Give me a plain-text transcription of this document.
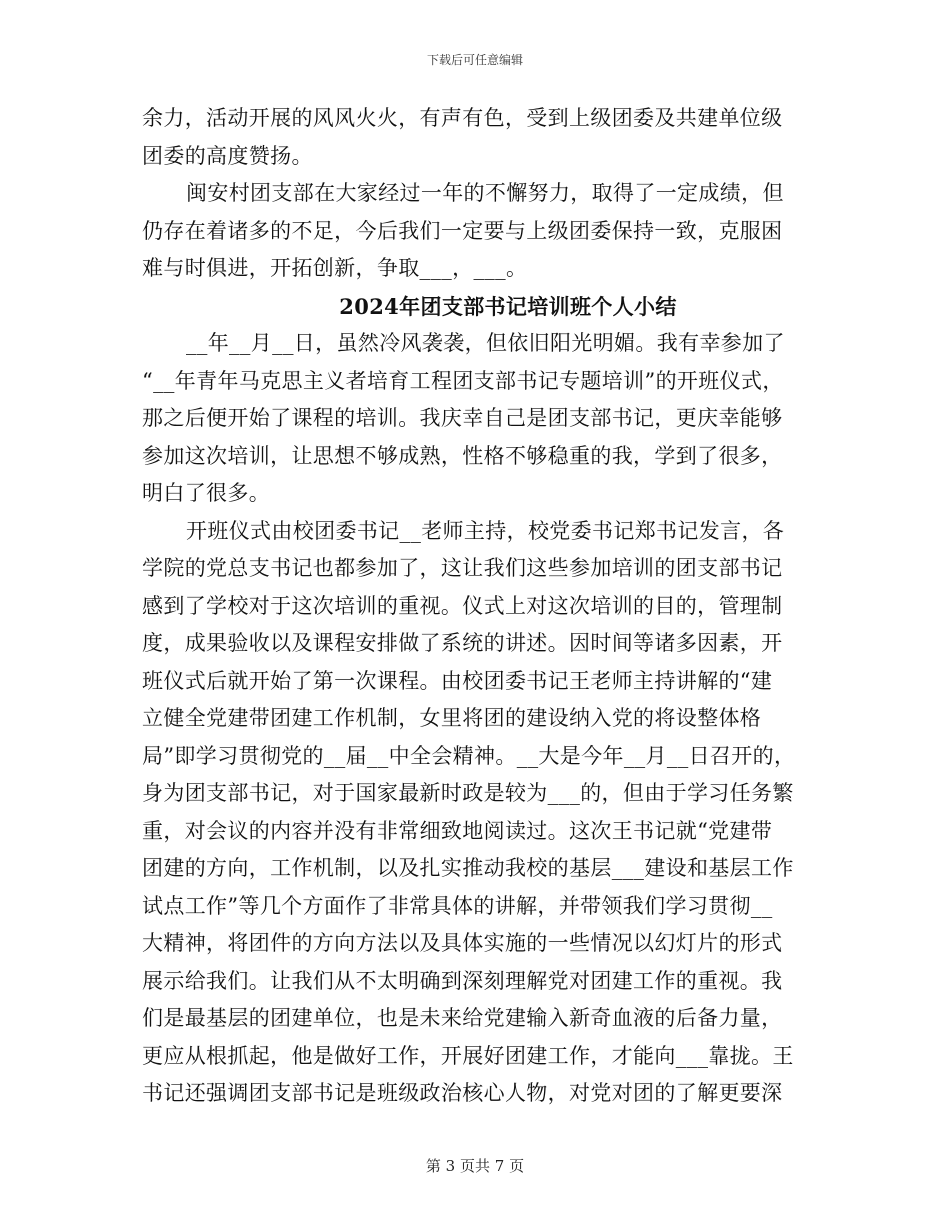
下载后可任意编辑
余力，活动开展的风风火火，有声有色，受到上级团委及共建单位级
团委的高度赞扬。
闽安村团支部在大家经过一年的不懈努力，取得了一定成绩，但
仍存在着诸多的不足，今后我们一定要与上级团委保持一致，克服困
难与时俱进，开拓创新，争取___，___。
2024年团支部书记培训班个人小结
__年__月__日，虽然冷风袭袭，但依旧阳光明媚。我有幸参加了
“__年青年马克思主义者培育工程团支部书记专题培训”的开班仪式，
那之后便开始了课程的培训。我庆幸自己是团支部书记，更庆幸能够
参加这次培训，让思想不够成熟，性格不够稳重的我，学到了很多，
明白了很多。
开班仪式由校团委书记__老师主持，校党委书记郑书记发言，各
学院的党总支书记也都参加了，这让我们这些参加培训的团支部书记
感到了学校对于这次培训的重视。仪式上对这次培训的目的，管理制
度，成果验收以及课程安排做了系统的讲述。因时间等诸多因素，开
班仪式后就开始了第一次课程。由校团委书记王老师主持讲解的“建
立健全党建带团建工作机制，女里将团的建设纳入党的将设整体格
局”即学习贯彻党的__届__中全会精神。__大是今年__月__日召开的，
身为团支部书记，对于国家最新时政是较为___的，但由于学习任务繁
重，对会议的内容并没有非常细致地阅读过。这次王书记就“党建带
团建的方向，工作机制，以及扎实推动我校的基层___建设和基层工作
试点工作”等几个方面作了非常具体的讲解，并带领我们学习贯彻__
大精神，将团件的方向方法以及具体实施的一些情况以幻灯片的形式
展示给我们。让我们从不太明确到深刻理解党对团建工作的重视。我
们是最基层的团建单位，也是未来给党建输入新奇血液的后备力量，
更应从根抓起，他是做好工作，开展好团建工作，才能向___靠拢。王
书记还强调团支部书记是班级政治核心人物，对党对团的了解更要深
第 3 页共 7 页
